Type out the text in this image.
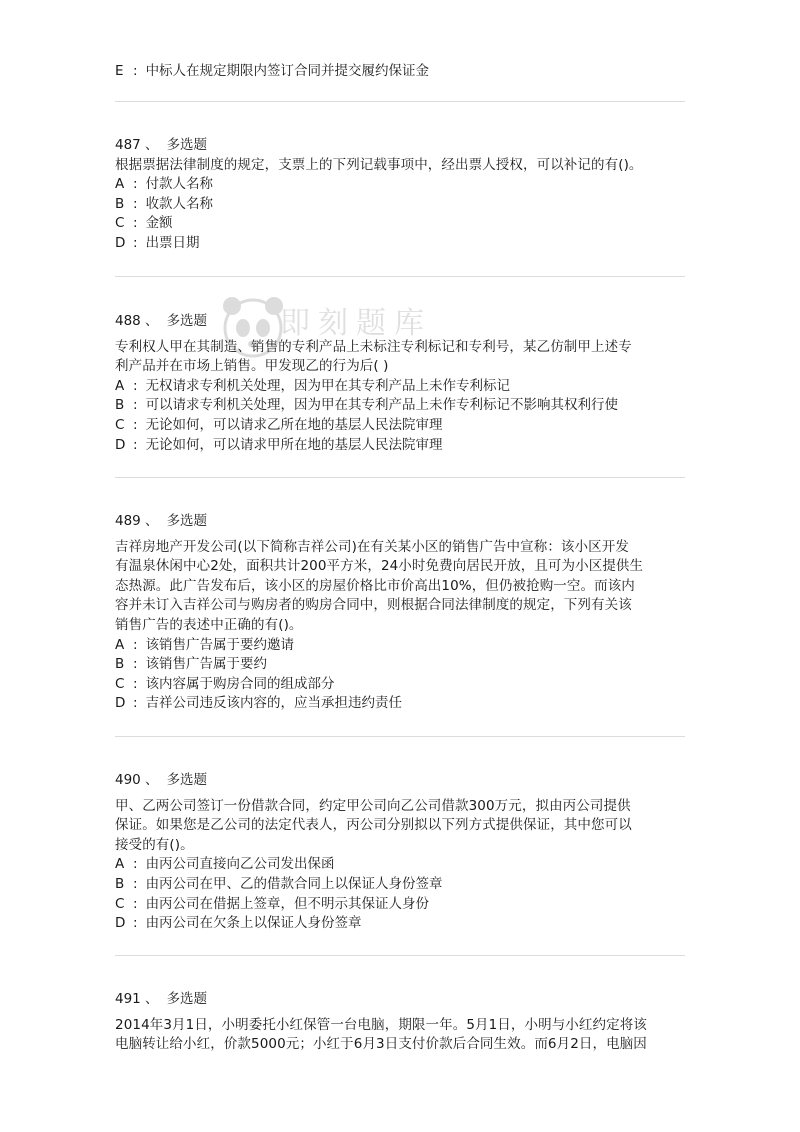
E : 中标人在规定期限内签订合同并提交履约保证金
487 、 多选题
根据票据法律制度的规定，支票上的下列记载事项中，经出票人授权，可以补记的有()。
A : 付款人名称
B : 收款人名称
C : 金额
D : 出票日期
488 、 多选题
专利权人甲在其制造、销售的专利产品上未标注专利标记和专利号，某乙仿制甲上述专
利产品并在市场上销售。甲发现乙的行为后( )
A : 无权请求专利机关处理，因为甲在其专利产品上未作专利标记
B : 可以请求专利机关处理，因为甲在其专利产品上未作专利标记不影响其权利行使
C : 无论如何，可以请求乙所在地的基层人民法院审理
D : 无论如何，可以请求甲所在地的基层人民法院审理
489 、 多选题
吉祥房地产开发公司(以下简称吉祥公司)在有关某小区的销售广告中宣称：该小区开发
有温泉休闲中心2处，面积共计200平方米，24小时免费向居民开放，且可为小区提供生
态热源。此广告发布后，该小区的房屋价格比市价高出10%，但仍被抢购一空。而该内
容并未订入吉祥公司与购房者的购房合同中，则根据合同法律制度的规定，下列有关该
销售广告的表述中正确的有()。
A : 该销售广告属于要约邀请
B : 该销售广告属于要约
C : 该内容属于购房合同的组成部分
D : 吉祥公司违反该内容的，应当承担违约责任
490 、 多选题
甲、乙两公司签订一份借款合同，约定甲公司向乙公司借款300万元，拟由丙公司提供
保证。如果您是乙公司的法定代表人，丙公司分别拟以下列方式提供保证，其中您可以
接受的有()。
A : 由丙公司直接向乙公司发出保函
B : 由丙公司在甲、乙的借款合同上以保证人身份签章
C : 由丙公司在借据上签章，但不明示其保证人身份
D : 由丙公司在欠条上以保证人身份签章
491 、 多选题
2014年3月1日，小明委托小红保管一台电脑，期限一年。5月1日，小明与小红约定将该
电脑转让给小红，价款5000元；小红于6月3日支付价款后合同生效。而6月2日，电脑因
即刻题库
